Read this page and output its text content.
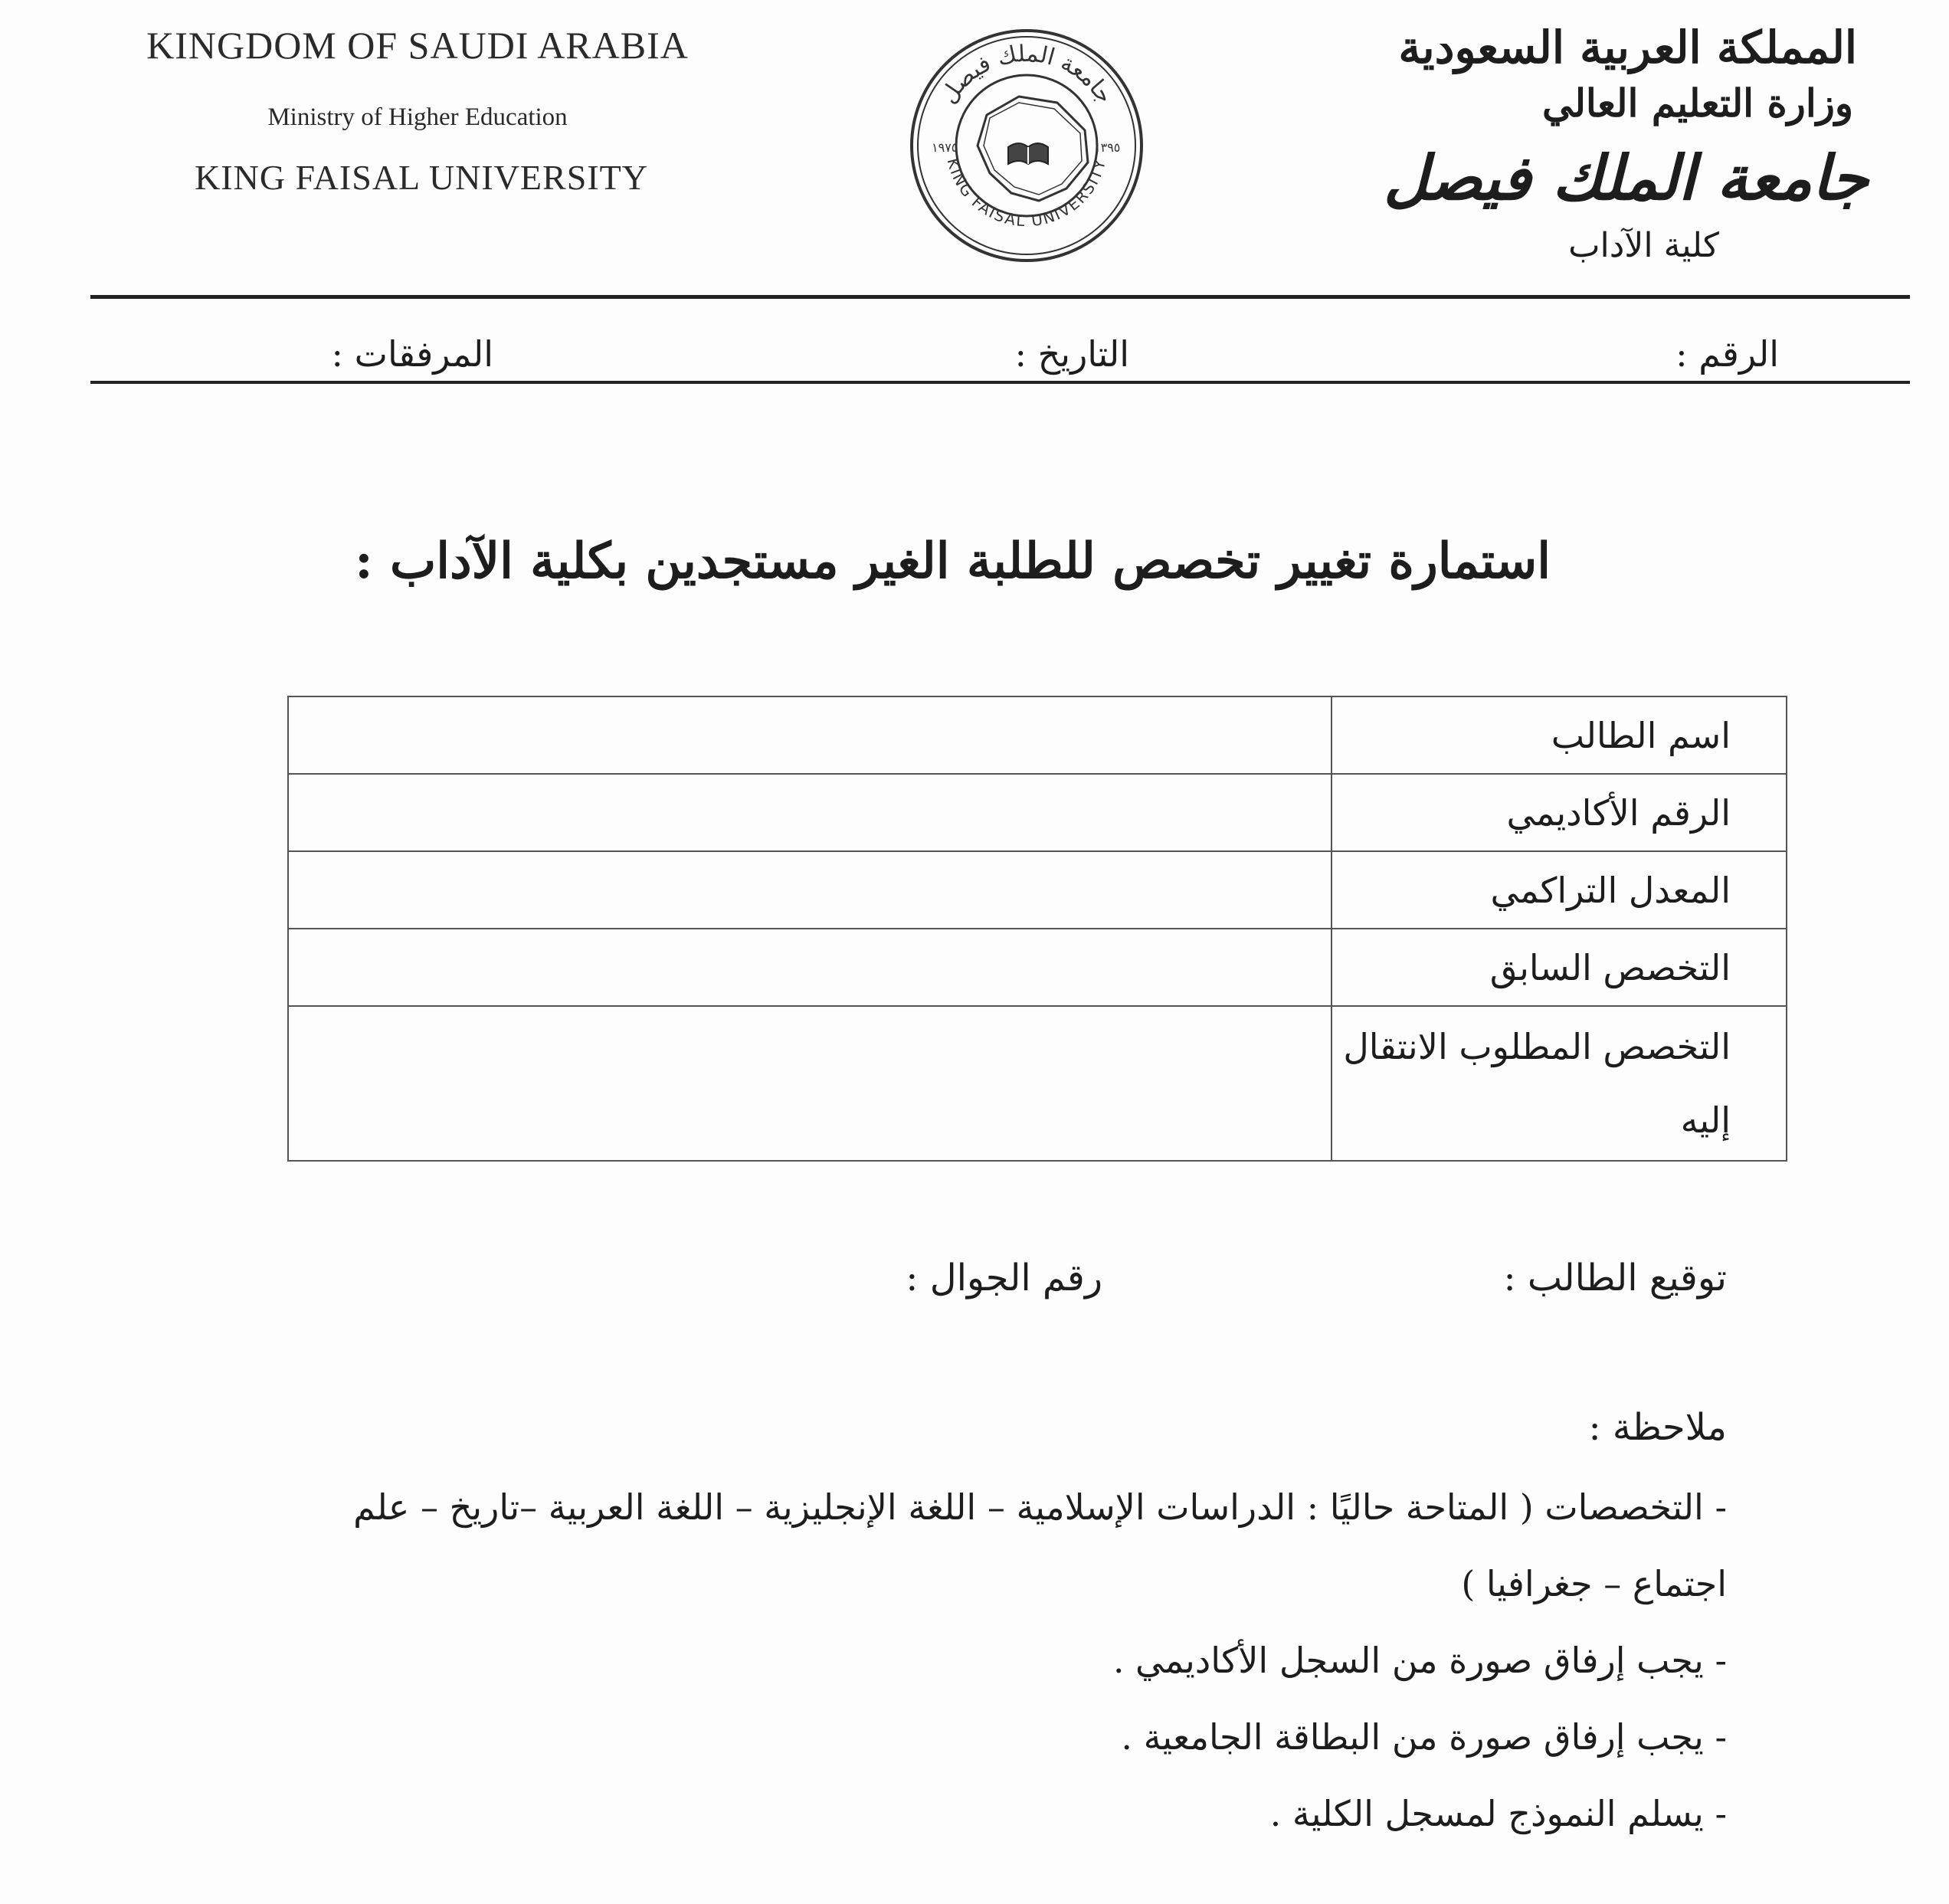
KINGDOM OF SAUDI ARABIA
Ministry of Higher Education
KING FAISAL UNIVERSITY
جامعة الملك فيصل
KING FAISAL UNIVERSITY
١٩٧٥	١٣٩٥
المملكة العربية السعودية
وزارة التعليم العالي
جامعة الملك فيصل
كلية الآداب
الرقم :
التاريخ :
المرفقات :
استمارة تغيير تخصص للطلبة الغير مستجدين بكلية الآداب :
اسم الطالب	
الرقم الأكاديمي	
المعدل التراكمي	
التخصص السابق	
التخصص المطلوب الانتقال إليه	
توقيع الطالب :
رقم الجوال :
ملاحظة :
- التخصصات ( المتاحة حاليًا : الدراسات الإسلامية – اللغة الإنجليزية – اللغة العربية –تاريخ – علم
اجتماع – جغرافيا )
- يجب إرفاق صورة من السجل الأكاديمي .
- يجب إرفاق صورة من البطاقة الجامعية .
- يسلم النموذج لمسجل الكلية .
